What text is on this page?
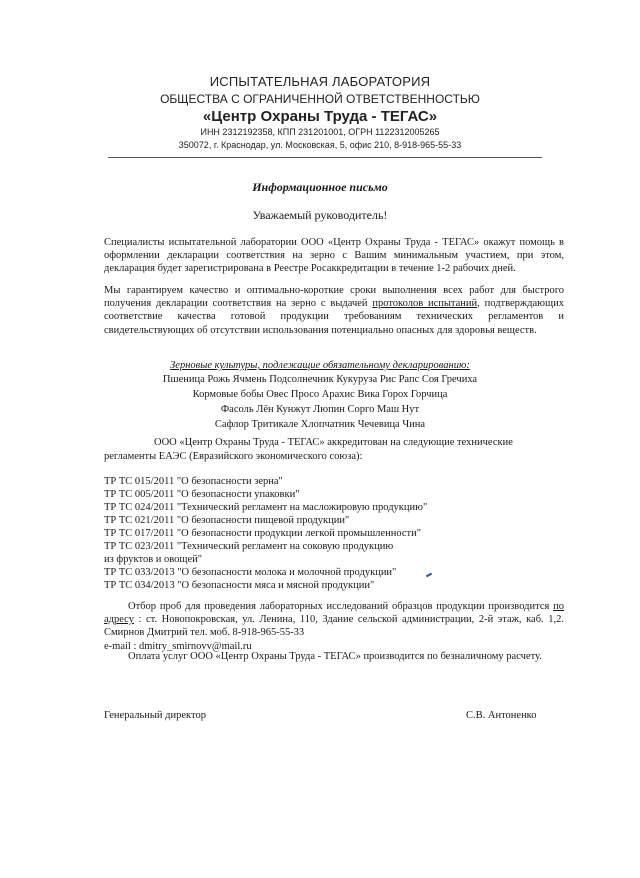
ИСПЫТАТЕЛЬНАЯ ЛАБОРАТОРИЯ
ОБЩЕСТВА С ОГРАНИЧЕННОЙ ОТВЕТСТВЕННОСТЬЮ
«Центр Охраны Труда - ТЕГАС»
ИНН 2312192358, КПП 231201001, ОГРН 1122312005265
350072, г. Краснодар, ул. Московская, 5, офис 210, 8-918-965-55-33
Информационное письмо
Уважаемый руководитель!

Специалисты испытательной лаборатории ООО «Центр Охраны Труда - ТЕГАС» окажут помощь в оформлении декларации соответствия на зерно с Вашим минимальным участием, при этом, декларация будет зарегистрирована в Реестре Росаккредитации в течение 1-2 рабочих дней.

Мы гарантируем качество и оптимально-короткие сроки выполнения всех работ для быстрого получения декларации соответствия на зерно с выдачей протоколов испытаний, подтверждающих соответствие качества готовой продукции требованиям технических регламентов и свидетельствующих об отсутствии использования потенциально опасных для здоровья веществ.

Зерновые культуры, подлежащие обязательному декларированию:
Пшеница Рожь Ячмень Подсолнечник Кукуруза Рис Рапс Соя Гречиха
Кормовые бобы Овес Просо Арахис Вика Горох Горчица
Фасоль Лён Кунжут Люпин Сорго Маш Нут
Сафлор Тритикале Хлопчатник Чечевица Чина

ООО «Центр Охраны Труда - ТЕГАС» аккредитован на следующие технические регламенты ЕАЭС (Евразийского экономического союза):

ТР ТС 015/2011 "О безопасности зерна"
ТР ТС 005/2011 "О безопасности упаковки"
ТР ТС 024/2011 "Технический регламент на масложировую продукцию"
ТР ТС 021/2011 "О безопасности пищевой продукции"
ТР ТС 017/2011 "О безопасности продукции легкой промышленности"
ТР ТС 023/2011 "Технический регламент на соковую продукцию
из фруктов и овощей"
ТР ТС 033/2013 "О безопасности молока и молочной продукции"
ТР ТС 034/2013 "О безопасности мяса и мясной продукции"

Отбор проб для проведения лабораторных исследований образцов продукции производится по адресу : ст. Новопокровская, ул. Ленина, 110, Здание сельской администрации, 2-й этаж, каб. 1,2. Смирнов Дмитрий тел. моб. 8-918-965-55-33
e-mail : dmitry_smirnovv@mail.ru

Оплата услуг ООО «Центр Охраны Труда - ТЕГАС» производится по безналичному расчету.

Генеральный директор	С.В. Антоненко
